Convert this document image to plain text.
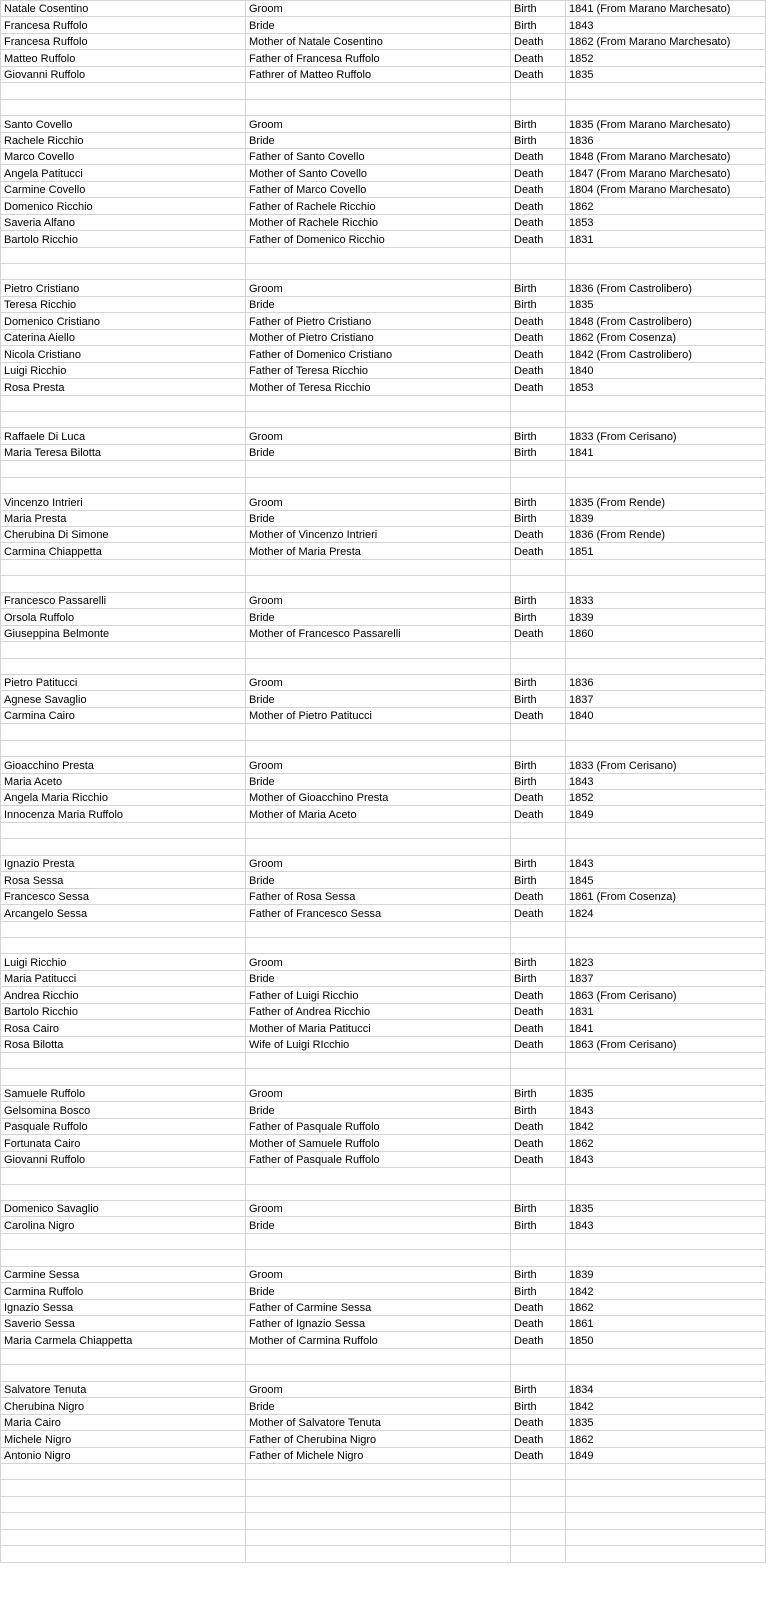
Natale Cosentino	Groom	Birth	1841 (From Marano Marchesato)
Francesa Ruffolo	Bride	Birth	1843
Francesa Ruffolo	Mother of Natale Cosentino	Death	1862 (From Marano Marchesato)
Matteo Ruffolo	Father of Francesa Ruffolo	Death	1852
Giovanni Ruffolo	Fathrer of Matteo Ruffolo	Death	1835

Santo Covello	Groom	Birth	1835 (From Marano Marchesato)
Rachele Ricchio	Bride	Birth	1836
Marco Covello	Father of Santo Covello	Death	1848 (From Marano Marchesato)
Angela Patitucci	Mother of Santo Covello	Death	1847 (From Marano Marchesato)
Carmine Covello	Father of Marco Covello	Death	1804 (From Marano Marchesato)
Domenico Ricchio	Father of Rachele Ricchio	Death	1862
Saveria Alfano	Mother of Rachele Ricchio	Death	1853
Bartolo Ricchio	Father of Domenico Ricchio	Death	1831

Pietro Cristiano	Groom	Birth	1836 (From Castrolibero)
Teresa Ricchio	Bride	Birth	1835
Domenico Cristiano	Father of Pietro Cristiano	Death	1848 (From Castrolibero)
Caterina Aiello	Mother of Pietro Cristiano	Death	1862 (From Cosenza)
Nicola Cristiano	Father of Domenico Cristiano	Death	1842 (From Castrolibero)
Luigi Ricchio	Father of Teresa Ricchio	Death	1840
Rosa Presta	Mother of Teresa Ricchio	Death	1853

Raffaele Di Luca	Groom	Birth	1833 (From Cerisano)
Maria Teresa Bilotta	Bride	Birth	1841

Vincenzo Intrieri	Groom	Birth	1835 (From Rende)
Maria Presta	Bride	Birth	1839
Cherubina Di Simone	Mother of Vincenzo Intrieri	Death	1836 (From Rende)
Carmina Chiappetta	Mother of Maria Presta	Death	1851

Francesco Passarelli	Groom	Birth	1833
Orsola Ruffolo	Bride	Birth	1839
Giuseppina Belmonte	Mother of Francesco Passarelli	Death	1860

Pietro Patitucci	Groom	Birth	1836
Agnese Savaglio	Bride	Birth	1837
Carmina Cairo	Mother of Pietro Patitucci	Death	1840

Gioacchino Presta	Groom	Birth	1833 (From Cerisano)
Maria Aceto	Bride	Birth	1843
Angela Maria Ricchio	Mother of Gioacchino Presta	Death	1852
Innocenza Maria Ruffolo	Mother of Maria Aceto	Death	1849

Ignazio Presta	Groom	Birth	1843
Rosa Sessa	Bride	Birth	1845
Francesco Sessa	Father of Rosa Sessa	Death	1861 (From Cosenza)
Arcangelo Sessa	Father of Francesco Sessa	Death	1824

Luigi Ricchio	Groom	Birth	1823
Maria Patitucci	Bride	Birth	1837
Andrea Ricchio	Father of Luigi Ricchio	Death	1863 (From Cerisano)
Bartolo Ricchio	Father of Andrea Ricchio	Death	1831
Rosa Cairo	Mother of Maria Patitucci	Death	1841
Rosa Bilotta	Wife of Luigi RIcchio	Death	1863 (From Cerisano)

Samuele Ruffolo	Groom	Birth	1835
Gelsomina Bosco	Bride	Birth	1843
Pasquale Ruffolo	Father of Pasquale Ruffolo	Death	1842
Fortunata Cairo	Mother of Samuele Ruffolo	Death	1862
Giovanni Ruffolo	Father of Pasquale Ruffolo	Death	1843

Domenico Savaglio	Groom	Birth	1835
Carolina Nigro	Bride	Birth	1843

Carmine Sessa	Groom	Birth	1839
Carmina Ruffolo	Bride	Birth	1842
Ignazio Sessa	Father of Carmine Sessa	Death	1862
Saverio Sessa	Father of Ignazio Sessa	Death	1861
Maria Carmela Chiappetta	Mother of Carmina Ruffolo	Death	1850

Salvatore Tenuta	Groom	Birth	1834
Cherubina Nigro	Bride	Birth	1842
Maria Cairo	Mother of Salvatore Tenuta	Death	1835
Michele Nigro	Father of Cherubina Nigro	Death	1862
Antonio Nigro	Father of Michele Nigro	Death	1849
